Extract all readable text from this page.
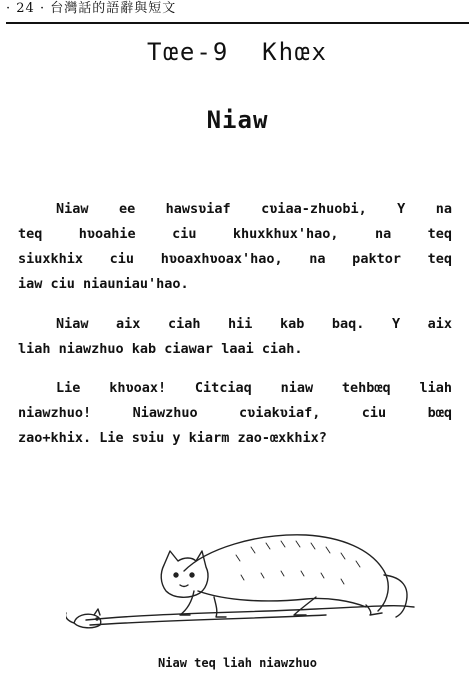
· 24 · 台灣話的語辭與短文
Tœe-9  Khœx
Niaw
Niaw ee hawsʋiaf cʋiaa-zhuobi, Y na
teq hʋoahie ciu khuxkhux'hao, na teq
siuxkhix ciu hʋoaxhʋoax'hao, na paktor teq
iaw ciu niauniau'hao.
Niaw aix ciah hii kab baq. Y aix
liah niawzhuo kab ciawar laai ciah.
Lie khʋoax! Citciaq niaw tehbœq liah
niawzhuo! Niawzhuo cʋiakʋiaf, ciu bœq
zao+khix. Lie sʋiu y kiarm zao-œxkhix?
Niaw teq liah niawzhuo
